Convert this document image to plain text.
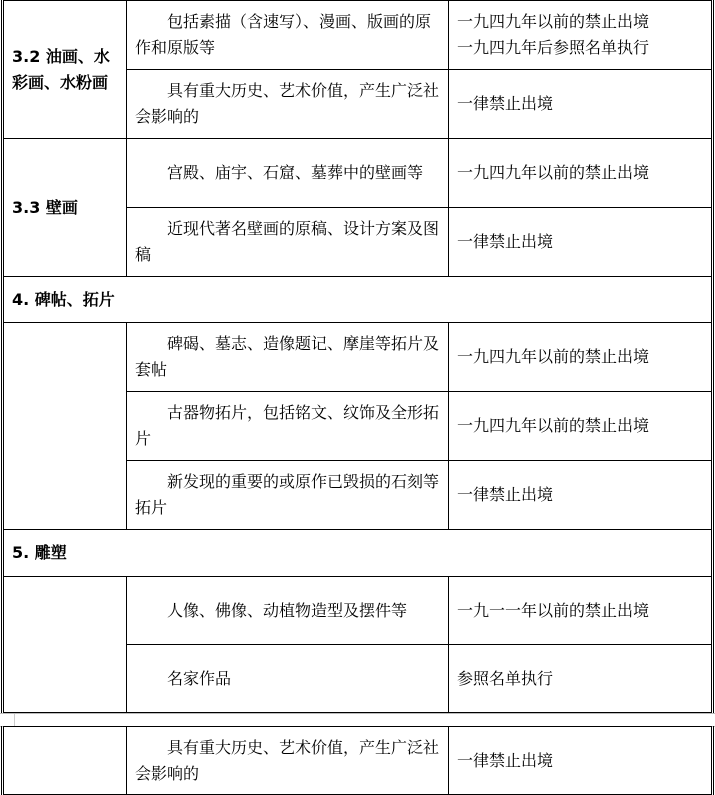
3.2 油画、水彩画、水粉画	包括素描（含速写）、漫画、版画的原作和原版等	一九四九年以前的禁止出境
一九四九年后参照名单执行

	具有重大历史、艺术价值，产生广泛社会影响的	一律禁止出境
3.3 壁画	宫殿、庙宇、石窟、墓葬中的壁画等	一九四九年以前的禁止出境
	近现代著名壁画的原稿、设计方案及图稿	一律禁止出境
4. 碑帖、拓片		
	碑碣、墓志、造像题记、摩崖等拓片及套帖	一九四九年以前的禁止出境
	古器物拓片，包括铭文、纹饰及全形拓片	一九四九年以前的禁止出境
	新发现的重要的或原作已毁损的石刻等拓片	一律禁止出境
5. 雕塑		
	人像、佛像、动植物造型及摆件等	一九一一年以前的禁止出境
	名家作品	参照名单执行
	具有重大历史、艺术价值，产生广泛社会影响的	一律禁止出境
